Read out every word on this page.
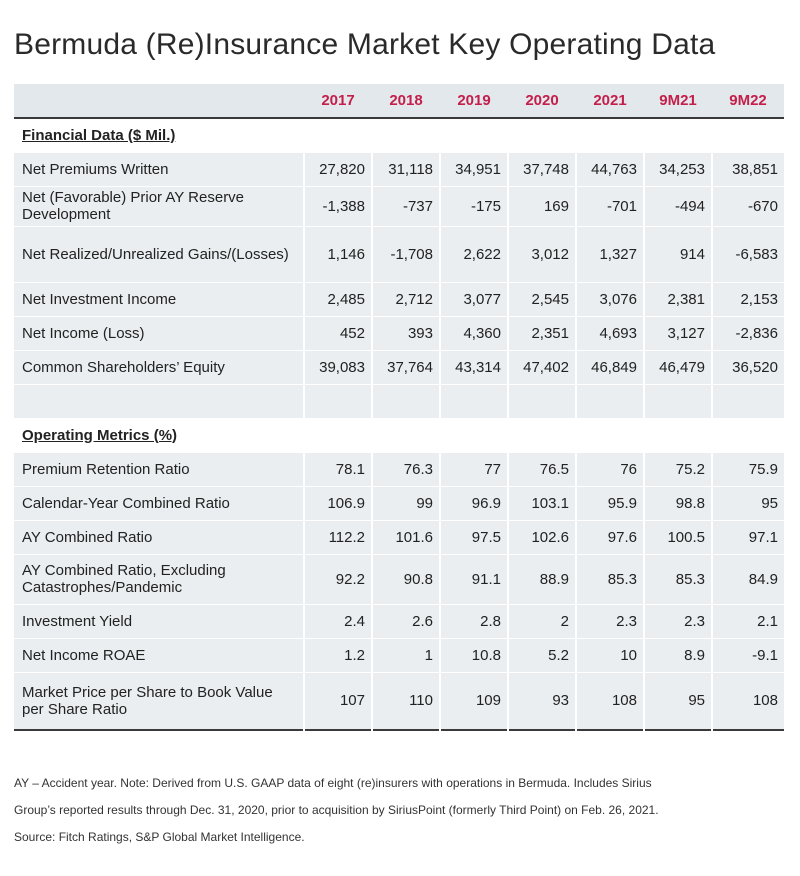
Bermuda (Re)Insurance Market Key Operating Data
	2017	2018	2019	2020	2021	9M21	9M22
Financial Data ($ Mil.)							
Net Premiums Written	27,820	31,118	34,951	37,748	44,763	34,253	38,851
Net (Favorable) Prior AY Reserve Development	-1,388	-737	-175	169	-701	-494	-670
Net Realized/Unrealized Gains/(Losses)	1,146	-1,708	2,622	3,012	1,327	914	-6,583
Net Investment Income	2,485	2,712	3,077	2,545	3,076	2,381	2,153
Net Income (Loss)	452	393	4,360	2,351	4,693	3,127	-2,836
Common Shareholders’ Equity	39,083	37,764	43,314	47,402	46,849	46,479	36,520

Operating Metrics (%)							
Premium Retention Ratio	78.1	76.3	77	76.5	76	75.2	75.9
Calendar-Year Combined Ratio	106.9	99	96.9	103.1	95.9	98.8	95
AY Combined Ratio	112.2	101.6	97.5	102.6	97.6	100.5	97.1
AY Combined Ratio, Excluding Catastrophes/Pandemic	92.2	90.8	91.1	88.9	85.3	85.3	84.9
Investment Yield	2.4	2.6	2.8	2	2.3	2.3	2.1
Net Income ROAE	1.2	1	10.8	5.2	10	8.9	-9.1
Market Price per Share to Book Value per Share Ratio	107	110	109	93	108	95	108
AY – Accident year. Note: Derived from U.S. GAAP data of eight (re)insurers with operations in Bermuda. Includes Sirius
Group’s reported results through Dec. 31, 2020, prior to acquisition by SiriusPoint (formerly Third Point) on Feb. 26, 2021.
Source: Fitch Ratings, S&P Global Market Intelligence.
